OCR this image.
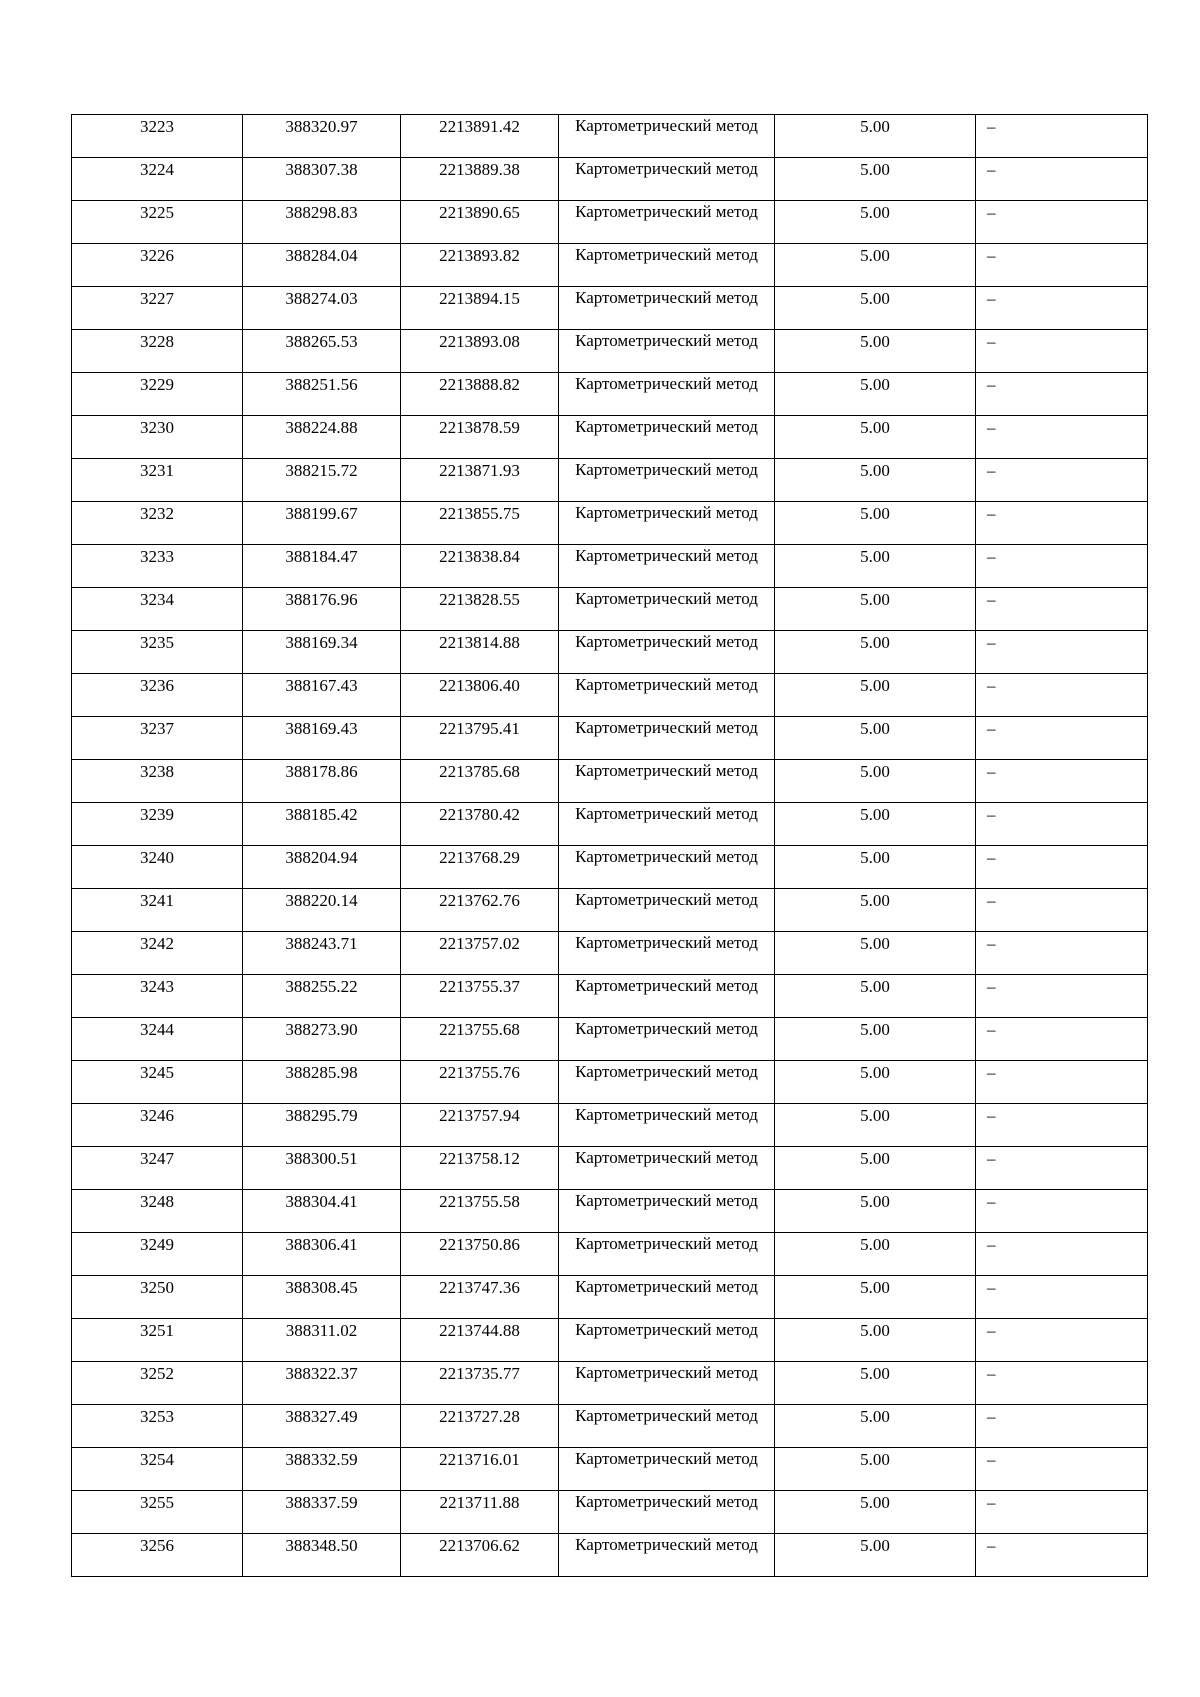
3223	388320.97	2213891.42	Картометрический метод	5.00	–

3224	388307.38	2213889.38	Картометрический метод	5.00	–

3225	388298.83	2213890.65	Картометрический метод	5.00	–

3226	388284.04	2213893.82	Картометрический метод	5.00	–

3227	388274.03	2213894.15	Картометрический метод	5.00	–

3228	388265.53	2213893.08	Картометрический метод	5.00	–

3229	388251.56	2213888.82	Картометрический метод	5.00	–

3230	388224.88	2213878.59	Картометрический метод	5.00	–

3231	388215.72	2213871.93	Картометрический метод	5.00	–

3232	388199.67	2213855.75	Картометрический метод	5.00	–

3233	388184.47	2213838.84	Картометрический метод	5.00	–

3234	388176.96	2213828.55	Картометрический метод	5.00	–

3235	388169.34	2213814.88	Картометрический метод	5.00	–

3236	388167.43	2213806.40	Картометрический метод	5.00	–

3237	388169.43	2213795.41	Картометрический метод	5.00	–

3238	388178.86	2213785.68	Картометрический метод	5.00	–

3239	388185.42	2213780.42	Картометрический метод	5.00	–

3240	388204.94	2213768.29	Картометрический метод	5.00	–

3241	388220.14	2213762.76	Картометрический метод	5.00	–

3242	388243.71	2213757.02	Картометрический метод	5.00	–

3243	388255.22	2213755.37	Картометрический метод	5.00	–

3244	388273.90	2213755.68	Картометрический метод	5.00	–

3245	388285.98	2213755.76	Картометрический метод	5.00	–

3246	388295.79	2213757.94	Картометрический метод	5.00	–

3247	388300.51	2213758.12	Картометрический метод	5.00	–

3248	388304.41	2213755.58	Картометрический метод	5.00	–

3249	388306.41	2213750.86	Картометрический метод	5.00	–

3250	388308.45	2213747.36	Картометрический метод	5.00	–

3251	388311.02	2213744.88	Картометрический метод	5.00	–

3252	388322.37	2213735.77	Картометрический метод	5.00	–

3253	388327.49	2213727.28	Картометрический метод	5.00	–

3254	388332.59	2213716.01	Картометрический метод	5.00	–

3255	388337.59	2213711.88	Картометрический метод	5.00	–

3256	388348.50	2213706.62	Картометрический метод	5.00	–
